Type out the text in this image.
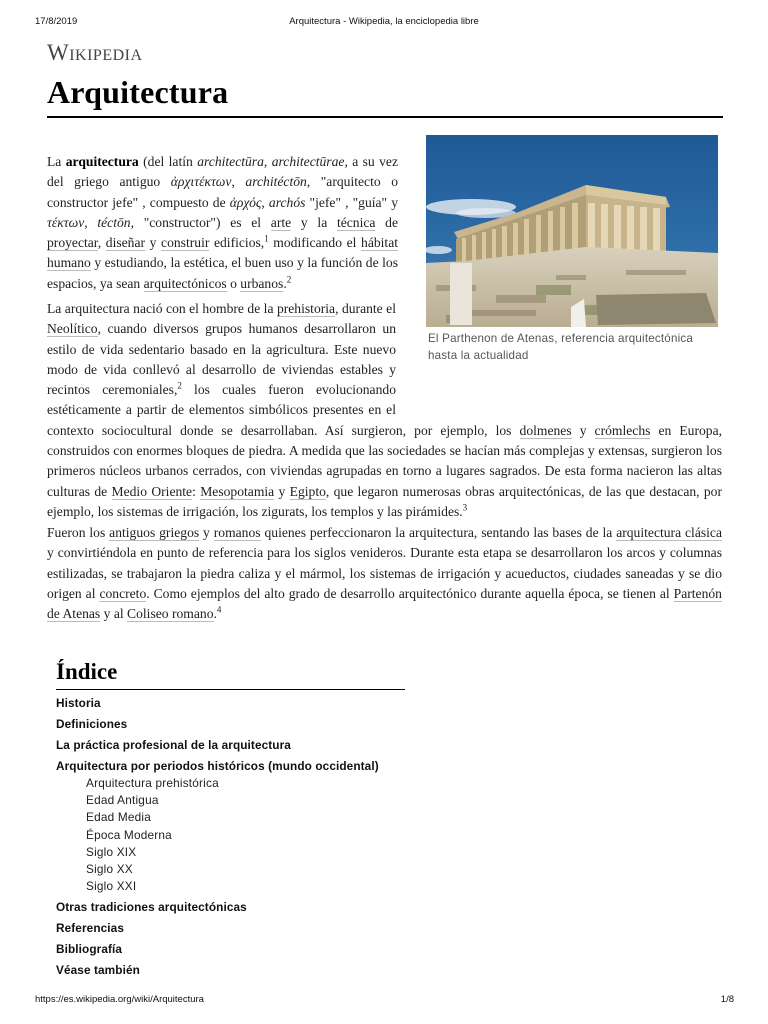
17/8/2019	Arquitectura - Wikipedia, la enciclopedia libre
Wikipedia
Arquitectura
El Parthenon de Atenas, referencia arquitectónica hasta la actualidad

La arquitectura (del latín architectūra, architectūrae, a su vez del griego antiguo ἀρχιτέκτων, architéctōn, "arquitecto o constructor jefe" , compuesto de ἀρχός, archós "jefe" , "guía" y τέκτων, téctōn, "constructor") es el arte y la técnica de proyectar, diseñar y construir edificios,$^1$ modificando el hábitat humano y estudiando, la estética, el buen uso y la función de los espacios, ya sean arquitectónicos o urbanos.$^2$

La arquitectura nació con el hombre de la prehistoria, durante el Neolítico, cuando diversos grupos humanos desarrollaron un estilo de vida sedentario basado en la agricultura. Este nuevo modo de vida conllevó al desarrollo de viviendas estables y recintos ceremoniales,$^2$ los cuales fueron evolucionando estéticamente a partir de elementos simbólicos presentes en el contexto sociocultural donde se desarrollaban. Así surgieron, por ejemplo, los dolmenes y crómlechs en Europa, construidos con enormes bloques de piedra. A medida que las sociedades se hacían más complejas y extensas, surgieron los primeros núcleos urbanos cerrados, con viviendas agrupadas en torno a lugares sagrados. De esta forma nacieron las altas culturas de Medio Oriente: Mesopotamia y Egipto, que legaron numerosas obras arquitectónicas, de las que destacan, por ejemplo, los sistemas de irrigación, los zigurats, los templos y las pirámides.$^3$

Fueron los antiguos griegos y romanos quienes perfeccionaron la arquitectura, sentando las bases de la arquitectura clásica y convirtiéndola en punto de referencia para los siglos venideros. Durante esta etapa se desarrollaron los arcos y columnas estilizadas, se trabajaron la piedra caliza y el mármol, los sistemas de irrigación y acueductos, ciudades saneadas y se dio origen al concreto. Como ejemplos del alto grado de desarrollo arquitectónico durante aquella época, se tienen al Partenón de Atenas y al Coliseo romano.$^4$

Índice
Historia
Definiciones
La práctica profesional de la arquitectura
Arquitectura por periodos históricos (mundo occidental)
Arquitectura prehistórica
Edad Antigua
Edad Media
Época Moderna
Siglo XIX
Siglo XX
Siglo XXI
Otras tradiciones arquitectónicas
Referencias
Bibliografía
Véase también
https://es.wikipedia.org/wiki/Arquitectura	1/8
